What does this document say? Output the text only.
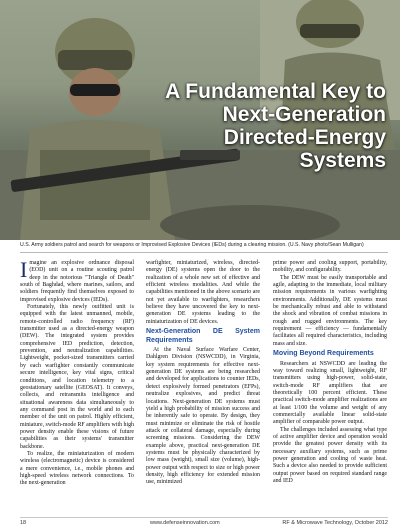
A Fundamental Key to
Next-Generation
Directed-Energy
Systems
U.S. Army soldiers patrol and search for weapons or Improvised Explosive Devices (IEDs) during a clearing mission. (U.S. Navy photo/Sean Mulligan)

Imagine an explosive ordnance disposal (EOD) unit on a routine scouting patrol deep in the notorious "Triangle of Death" south of Baghdad, where marines, sailors, and soldiers frequently find themselves exposed to improvised explosive devices (IEDs).

Fortunately, this newly outfitted unit is equipped with the latest unmanned, mobile, remote-controlled radio frequency (RF) transmitter used as a directed-energy weapon (DEW). The integrated system provides comprehensive IED prediction, detection, prevention, and neutralization capabilities. Lightweight, pocket-sized transmitters carried by each warfighter constantly communicate secure intelligence, key vital signs, critical conditions, and location telemetry to a geostationary satellite (GEOSAT). It conveys, collects, and retransmits intelligence and situational awareness data simultaneously to any command post in the world and to each member of the unit on patrol. Highly efficient, miniature, switch-mode RF amplifiers with high power density enable these visions of future capabilities as their systems' transmitter backbone.

To realize, the miniaturization of modern wireless (electromagnetic) device is considered a mere convenience, i.e., mobile phones and high-speed wireless network connections. To the next-generation

warfighter, miniaturized, wireless, directed-energy (DE) systems open the door to the realization of a whole new set of effective and efficient wireless modalities. And while the capabilities mentioned in the above scenario are not yet available to warfighters, researchers believe they have uncovered the key to next-generation DE systems leading to the miniaturization of DE devices.

Next-Generation DE System Requirements

At the Naval Surface Warfare Center, Dahlgren Division (NSWCDD), in Virginia, key system requirements for effective next-generation DE systems are being researched and developed for applications to counter IEDs, detect explosively formed penetrators (EFPs), neutralize explosives, and predict threat locations. Next-generation DE systems must yield a high probability of mission success and be inherently safe to operate. By design, they must minimize or eliminate the risk of hostile attack or collateral damage, especially during screening missions. Considering the DEW example above, practical next-generation DE systems must be physically characterized by low mass (weight), small size (volume), high-power output with respect to size or high power density, high efficiency for extended mission use, minimized

prime power and cooling support, portability, mobility, and configurability.

The DEW must be easily transportable and agile, adapting to the immediate, local military mission requirements in various warfighting environments. Additionally, DE systems must be mechanically robust and able to withstand the shock and vibration of combat missions in rough and rugged environments. The key requirement — efficiency — fundamentally facilitates all required characteristics, including mass and size.

Moving Beyond Requirements

Researchers at NSWCDD are leading the way toward realizing small, lightweight, RF transmitters using high-power, solid-state, switch-mode RF amplifiers that are theoretically 100 percent efficient. These practical switch-mode amplifier realizations are at least 1/100 the volume and weight of any commercially available linear solid-state amplifier of comparable power output.

The challenges included assessing what type of active amplifier device and operation would provide the greatest power density with its necessary auxiliary systems, such as prime power generation and cooling of waste heat. Such a device also needed to provide sufficient output power based on required standard range and IED

18	www.defenseinnovation.com	RF & Microwave Technology, October 2012
